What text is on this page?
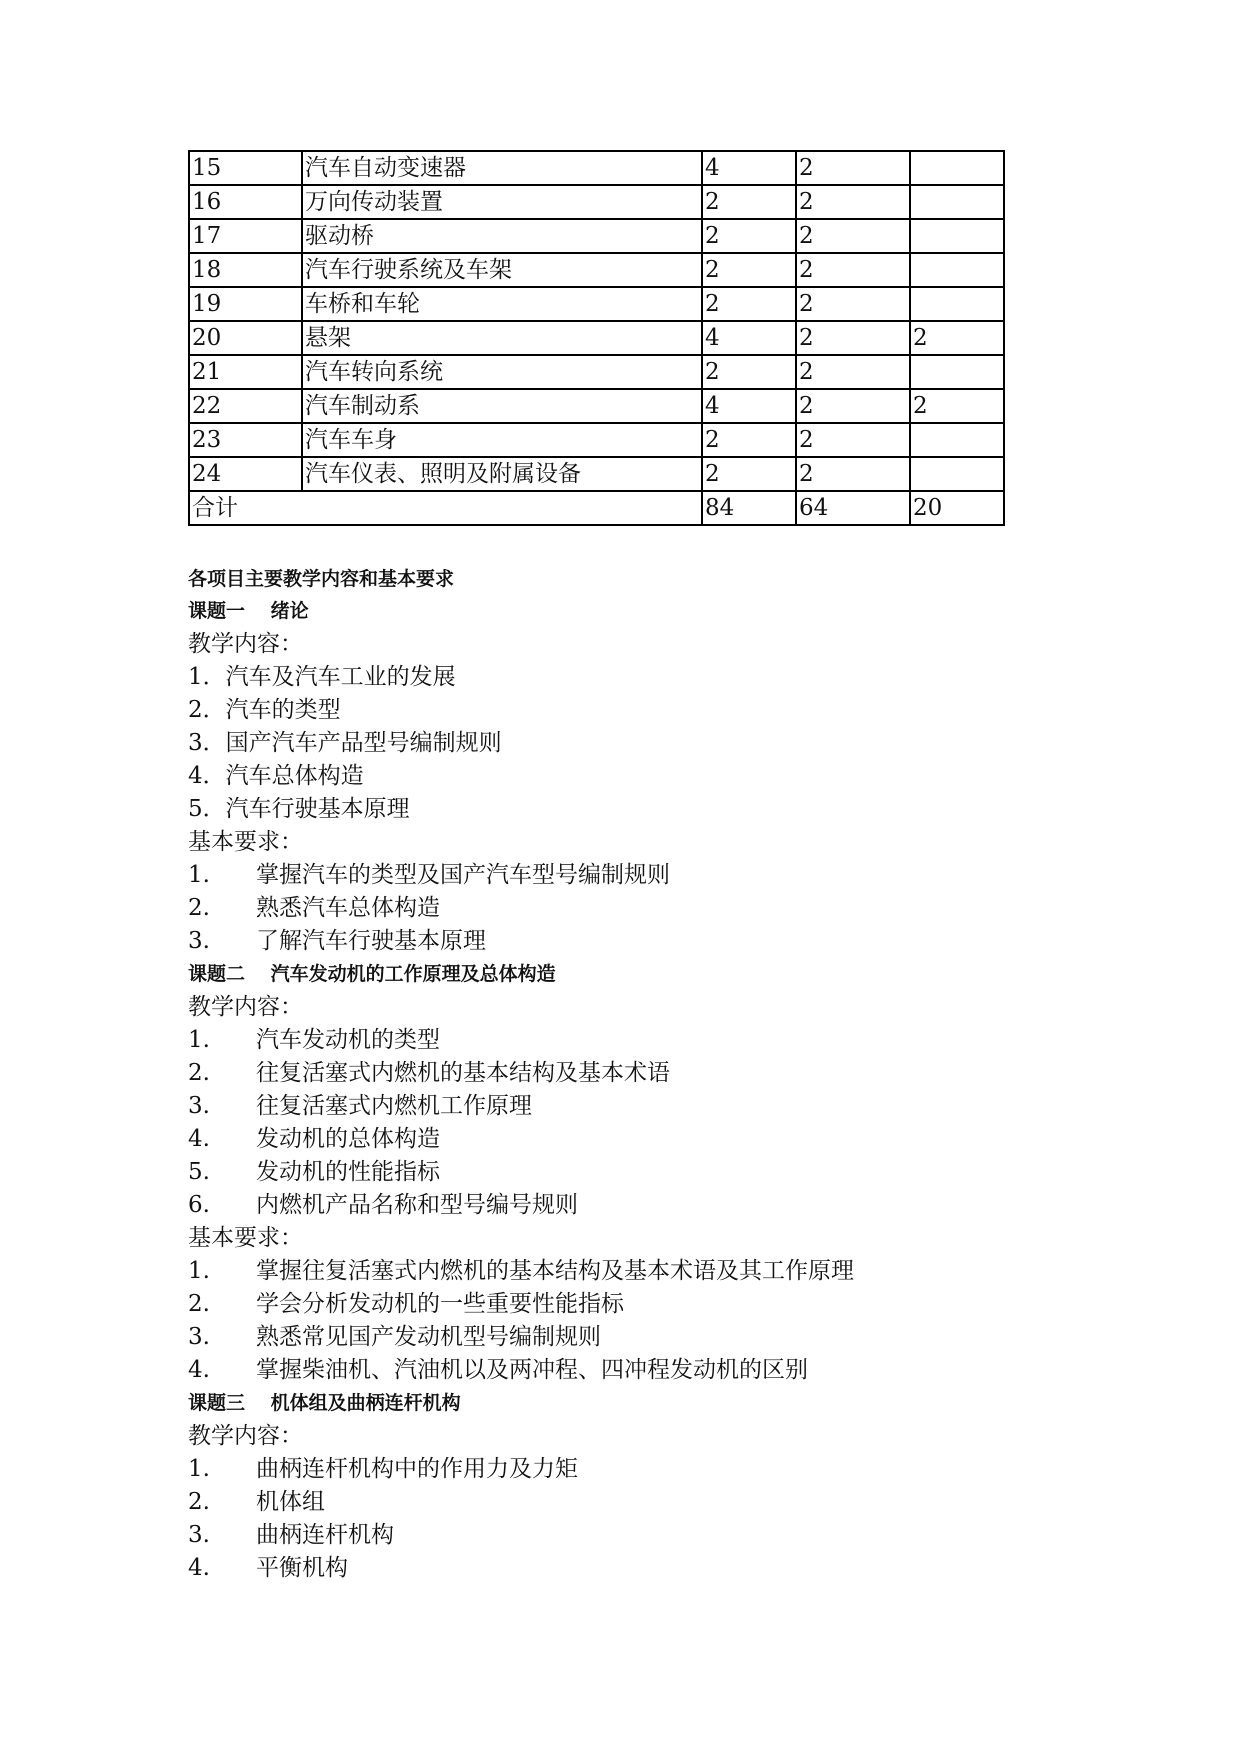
15	汽车自动变速器	4	2	
16	万向传动装置	2	2	
17	驱动桥	2	2	
18	汽车行驶系统及车架	2	2	
19	车桥和车轮	2	2	
20	悬架	4	2	2
21	汽车转向系统	2	2	
22	汽车制动系	4	2	2
23	汽车车身	2	2	
24	汽车仪表、照明及附属设备	2	2	
合计		84	64	20
各项目主要教学内容和基本要求
课题一　 绪论
教学内容：
1．汽车及汽车工业的发展
2．汽车的类型
3．国产汽车产品型号编制规则
4．汽车总体构造
5．汽车行驶基本原理
基本要求：
1. 掌握汽车的类型及国产汽车型号编制规则
2. 熟悉汽车总体构造
3. 了解汽车行驶基本原理
课题二　 汽车发动机的工作原理及总体构造
教学内容：
1. 汽车发动机的类型
2. 往复活塞式内燃机的基本结构及基本术语
3. 往复活塞式内燃机工作原理
4. 发动机的总体构造
5. 发动机的性能指标
6. 内燃机产品名称和型号编号规则
基本要求：
1. 掌握往复活塞式内燃机的基本结构及基本术语及其工作原理
2. 学会分析发动机的一些重要性能指标
3. 熟悉常见国产发动机型号编制规则
4. 掌握柴油机、汽油机以及两冲程、四冲程发动机的区别
课题三　 机体组及曲柄连杆机构
教学内容：
1. 曲柄连杆机构中的作用力及力矩
2. 机体组
3. 曲柄连杆机构
4. 平衡机构
